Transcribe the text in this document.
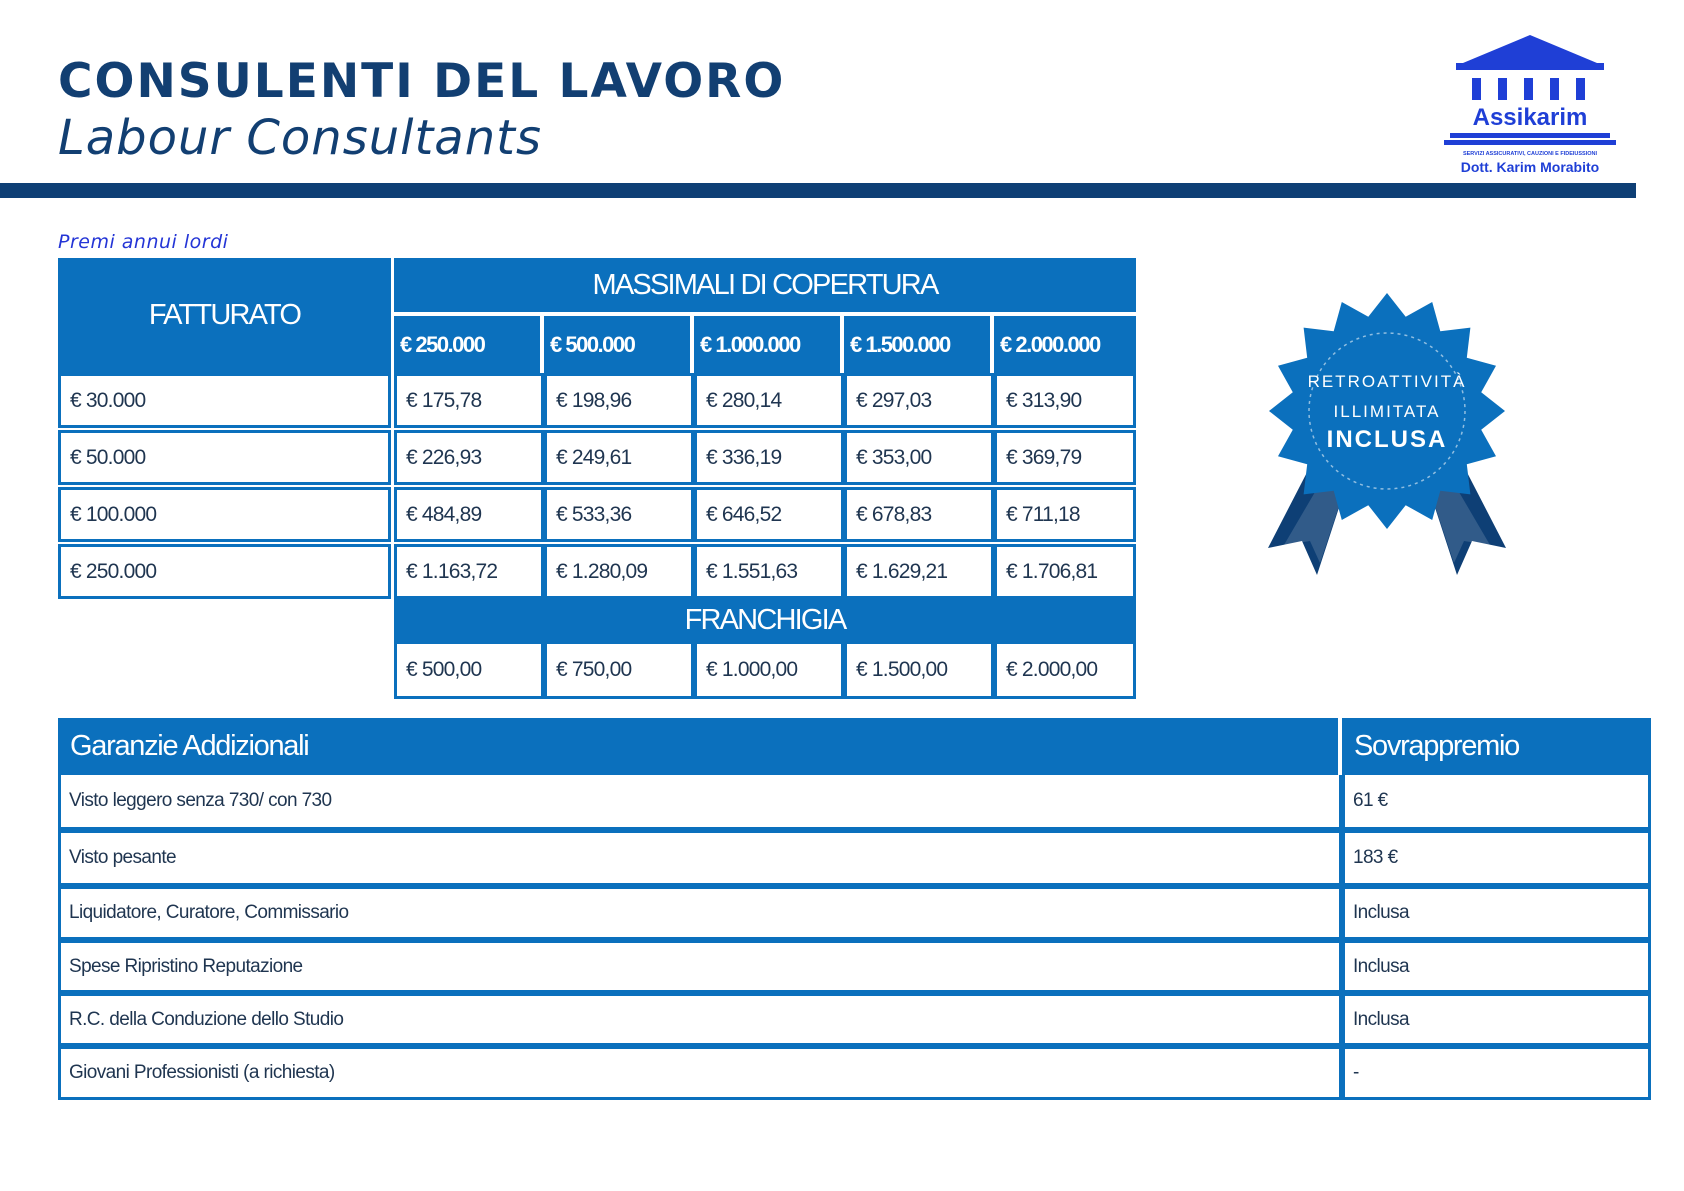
CONSULENTI DEL LAVORO
Labour Consultants	Assikarim
SERVIZI ASSICURATIVI, CAUZIONI E FIDEIUSSIONI
Dott. Karim Morabito
Premi annui lordi
FATTURATO
MASSIMALI DI COPERTURA
€ 250.000	€ 500.000	€ 1.000.000	€ 1.500.000	€ 2.000.000
€ 30.000	€ 175,78	€ 198,96	€ 280,14	€ 297,03	€ 313,90
€ 50.000	€ 226,93	€ 249,61	€ 336,19	€ 353,00	€ 369,79
€ 100.000	€ 484,89	€ 533,36	€ 646,52	€ 678,83	€ 711,18
€ 250.000	€ 1.163,72	€ 1.280,09	€ 1.551,63	€ 1.629,21	€ 1.706,81
FRANCHIGIA
€ 500,00	€ 750,00	€ 1.000,00	€ 1.500,00	€ 2.000,00
RETROATTIVITÀ
ILLIMITATA
INCLUSA
Garanzie Addizionali	Sovrappremio
Visto leggero senza 730/ con 730	61 €
Visto pesante	183 €
Liquidatore, Curatore, Commissario	Inclusa
Spese Ripristino Reputazione	Inclusa
R.C. della Conduzione dello Studio	Inclusa
Giovani Professionisti (a richiesta)	-
